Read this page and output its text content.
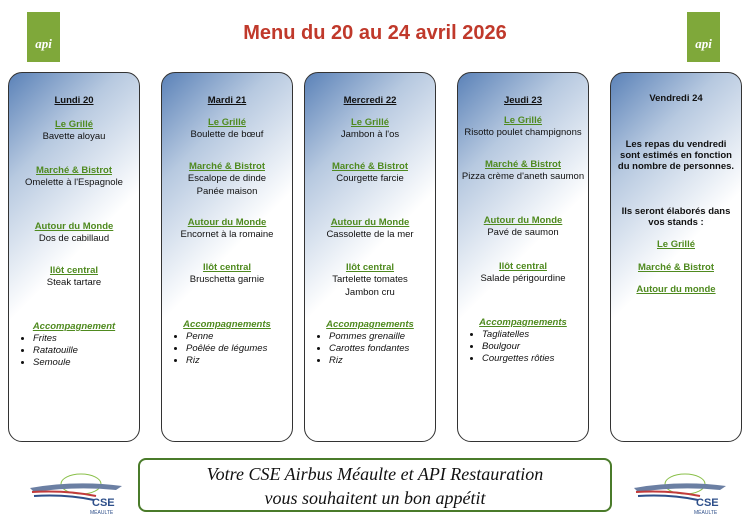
api	api
Menu du 20 au 24 avril 2026
Lundi 20
Le Grillé
Bavette aloyau
Marché & Bistrot
Omelette à l'Espagnole
Autour du Monde
Dos de cabillaud
Ilôt central
Steak tartare
Accompagnement
• Frites
• Ratatouille
• Semoule
Mardi 21
Le Grillé
Boulette de bœuf
Marché & Bistrot
Escalope de dinde
Panée maison
Autour du Monde
Encornet à la romaine
Ilôt central
Bruschetta garnie
Accompagnements
• Penne
• Poêlée de légumes
• Riz
Mercredi 22
Le Grillé
Jambon à l'os
Marché & Bistrot
Courgette farcie
Autour du Monde
Cassolette de la mer
Ilôt central
Tartelette tomates
Jambon cru
Accompagnements
• Pommes grenaille
• Carottes fondantes
• Riz
Jeudi 23
Le Grillé
Risotto poulet champignons
Marché & Bistrot
Pizza crème d'aneth saumon
Autour du Monde
Pavé de saumon
Ilôt central
Salade périgourdine
Accompagnements
• Tagliatelles
• Boulgour
• Courgettes rôties
Vendredi 24
Les repas du vendredi sont estimés en fonction du nombre de personnes.
Ils seront élaborés dans vos stands :
Le Grillé
Marché & Bistrot
Autour du monde
CSE
MÉAULTE
Votre CSE Airbus Méaulte et API Restauration
vous souhaitent un bon appétit	CSE
MÉAULTE
